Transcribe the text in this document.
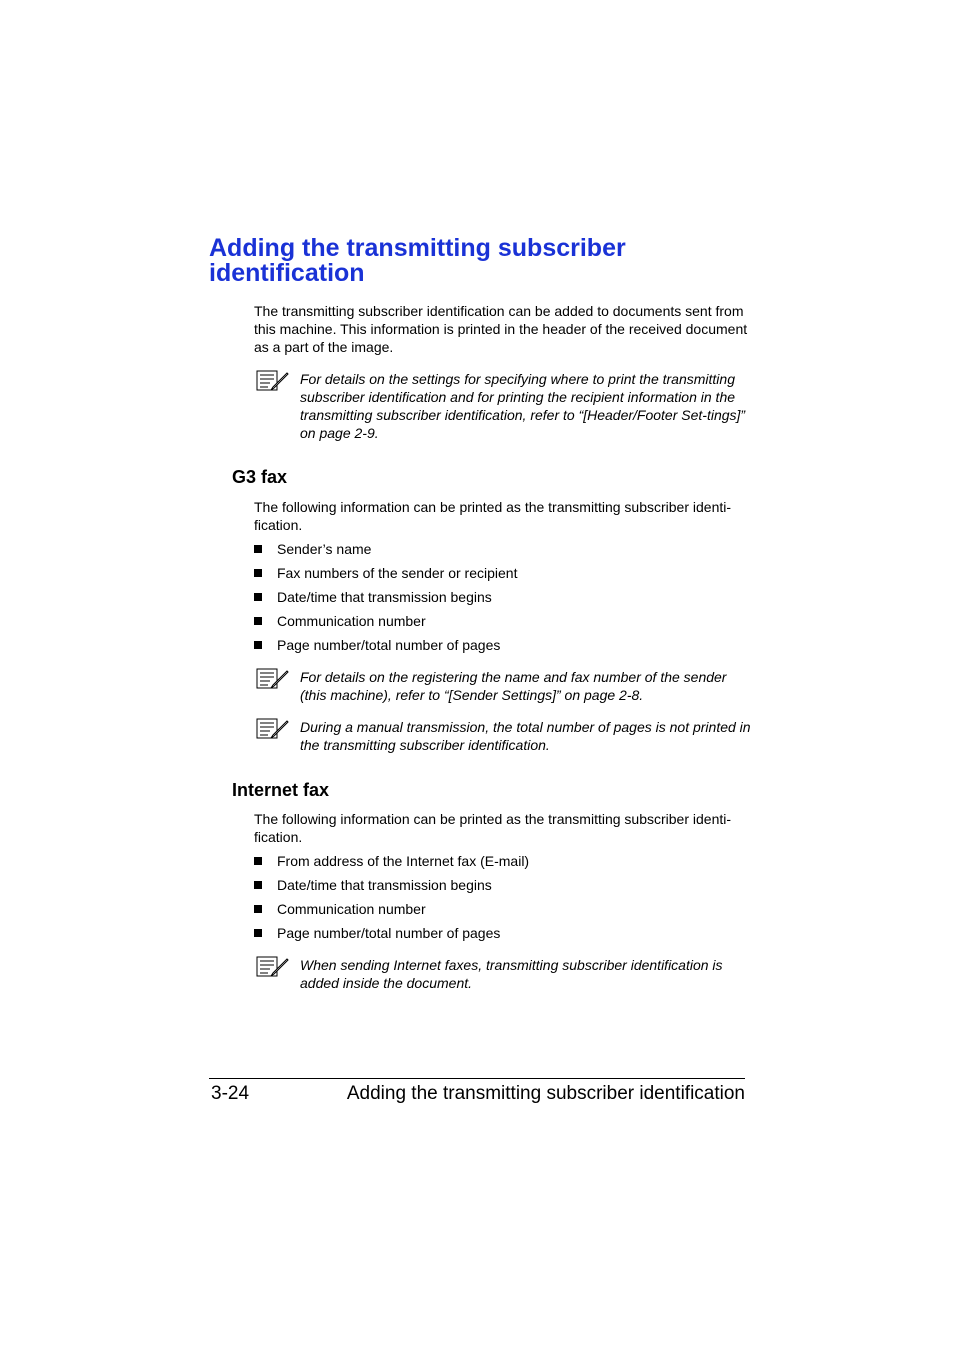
Adding the transmitting subscriber identification

The transmitting subscriber identification can be added to documents sent from this machine. This information is printed in the header of the received document as a part of the image.

For details on the settings for specifying where to print the transmitting subscriber identification and for printing the recipient information in the transmitting subscriber identification, refer to “[Header/Footer Set-tings]” on page 2-9.

G3 fax

The following information can be printed as the transmitting subscriber identi-fication.

Sender’s name
Fax numbers of the sender or recipient
Date/time that transmission begins
Communication number
Page number/total number of pages

For details on the registering the name and fax number of the sender (this machine), refer to “[Sender Settings]” on page 2-8.

During a manual transmission, the total number of pages is not printed in the transmitting subscriber identification.

Internet fax

The following information can be printed as the transmitting subscriber identi-fication.

From address of the Internet fax (E-mail)
Date/time that transmission begins
Communication number
Page number/total number of pages

When sending Internet faxes, transmitting subscriber identification is added inside the document.

3-24	Adding the transmitting subscriber identification
